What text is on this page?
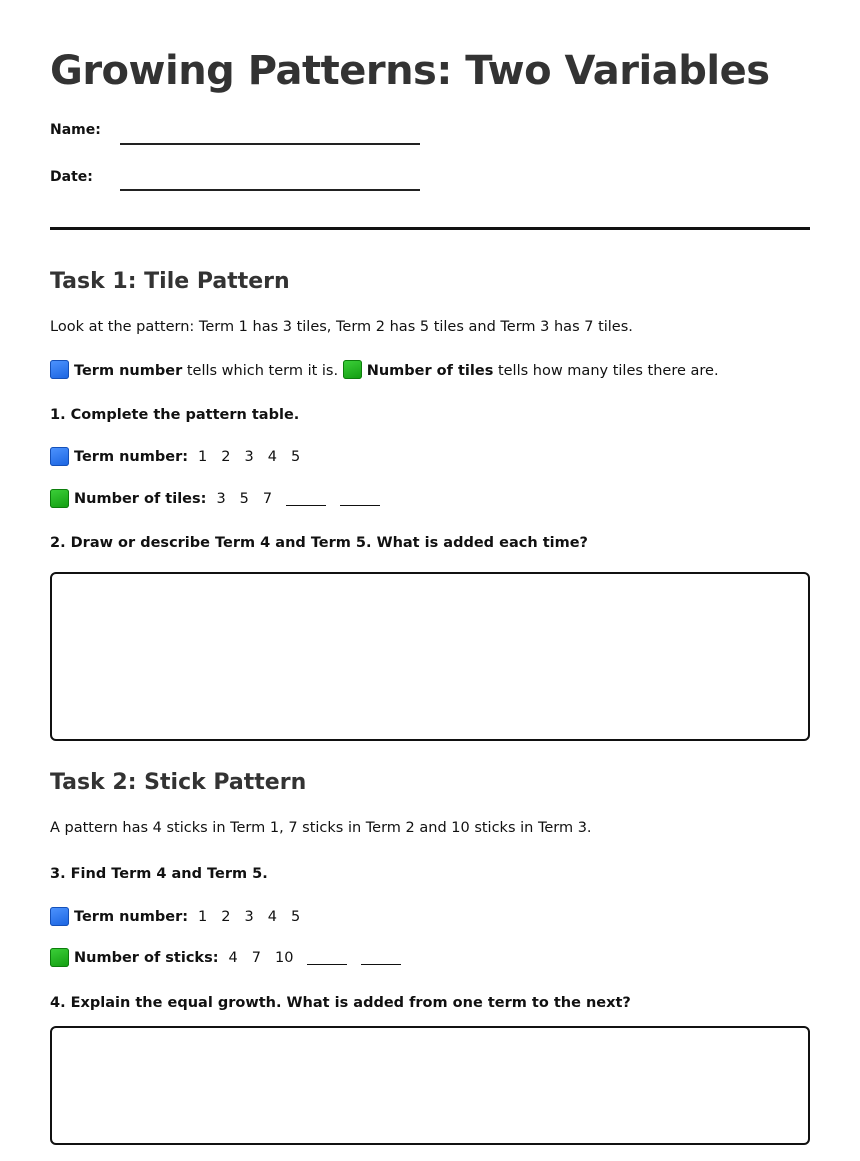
Growing Patterns: Two Variables
Name:
Date:
Task 1: Tile Pattern

Look at the pattern: Term 1 has 3 tiles, Term 2 has 5 tiles and Term 3 has 7 tiles.

Term number tells which term it is. Number of tiles tells how many tiles there are.

1. Complete the pattern table.

Term number: 1 2 3 4 5
Number of tiles: 3 5 7

2. Draw or describe Term 4 and Term 5. What is added each time?

Task 2: Stick Pattern

A pattern has 4 sticks in Term 1, 7 sticks in Term 2 and 10 sticks in Term 3.

3. Find Term 4 and Term 5.

Term number: 1 2 3 4 5
Number of sticks: 4 7 10

4. Explain the equal growth. What is added from one term to the next?
